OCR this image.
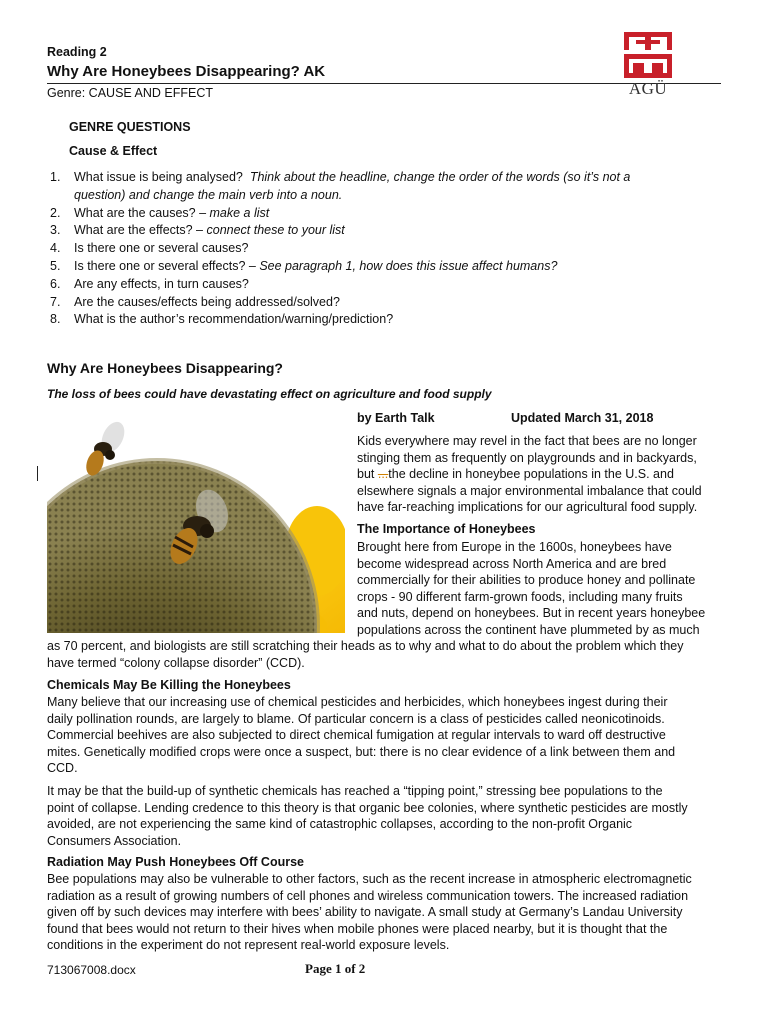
Reading 2
Why Are Honeybees Disappearing? AK
Genre: CAUSE AND EFFECT	AGÜ
GENRE QUESTIONS
Cause & Effect
1. What issue is being analysed? Think about the headline, change the order of the words (so it’s not a
question) and change the main verb into a noun.
2. What are the causes? – make a list
3. What are the effects? – connect these to your list
4. Is there one or several causes?
5. Is there one or several effects? – See paragraph 1, how does this issue affect humans?
6. Are any effects, in turn causes?
7. Are the causes/effects being addressed/solved?
8. What is the author’s recommendation/warning/prediction?
Why Are Honeybees Disappearing?
The loss of bees could have devastating effect on agriculture and food supply
by Earth Talk	Updated March 31, 2018

Kids everywhere may revel in the fact that bees are no longer

stinging them as frequently on playgrounds and in backyards,

but ...the decline in honeybee populations in the U.S. and

elsewhere signals a major environmental imbalance that could

have far-reaching implications for our agricultural food supply.

The Importance of Honeybees

Brought here from Europe in the 1600s, honeybees have

become widespread across North America and are bred

commercially for their abilities to produce honey and pollinate

crops - 90 different farm-grown foods, including many fruits

and nuts, depend on honeybees. But in recent years honeybee

populations across the continent have plummeted by as much

as 70 percent, and biologists are still scratching their heads as to why and what to do about the problem which they

have termed “colony collapse disorder” (CCD).

Chemicals May Be Killing the Honeybees

Many believe that our increasing use of chemical pesticides and herbicides, which honeybees ingest during their

daily pollination rounds, are largely to blame. Of particular concern is a class of pesticides called neonicotinoids.

Commercial beehives are also subjected to direct chemical fumigation at regular intervals to ward off destructive

mites. Genetically modified crops were once a suspect, but: there is no clear evidence of a link between them and

CCD.

It may be that the build-up of synthetic chemicals has reached a “tipping point,” stressing bee populations to the

point of collapse. Lending credence to this theory is that organic bee colonies, where synthetic pesticides are mostly

avoided, are not experiencing the same kind of catastrophic collapses, according to the non-profit Organic

Consumers Association.

Radiation May Push Honeybees Off Course

Bee populations may also be vulnerable to other factors, such as the recent increase in atmospheric electromagnetic

radiation as a result of growing numbers of cell phones and wireless communication towers. The increased radiation

given off by such devices may interfere with bees’ ability to navigate. A small study at Germany’s Landau University

found that bees would not return to their hives when mobile phones were placed nearby, but it is thought that the

conditions in the experiment do not represent real-world exposure levels.

713067008.docx	Page 1 of 2
